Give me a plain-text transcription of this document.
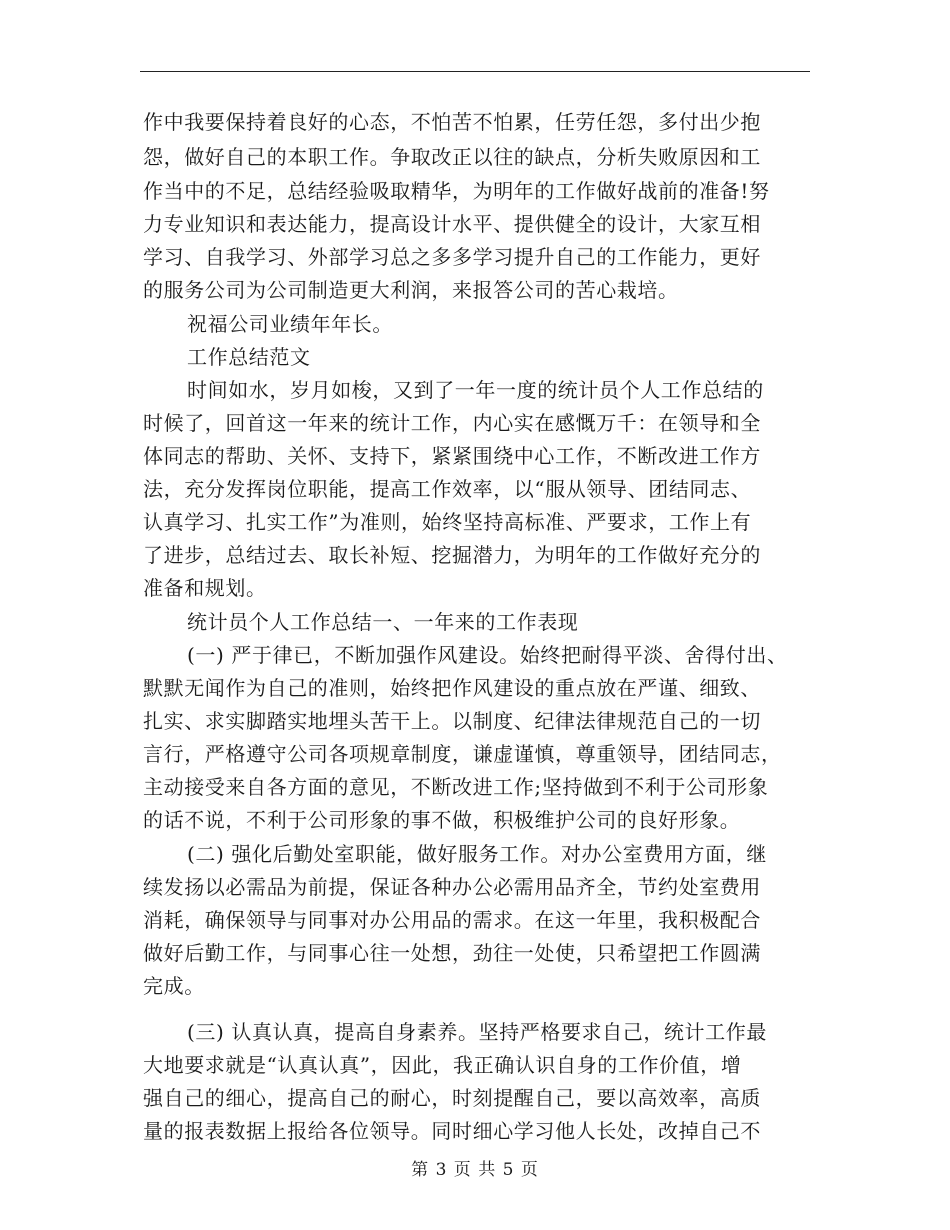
作中我要保持着良好的心态，不怕苦不怕累，任劳任怨，多付出少抱
怨，做好自己的本职工作。争取改正以往的缺点，分析失败原因和工
作当中的不足，总结经验吸取精华，为明年的工作做好战前的准备!努
力专业知识和表达能力，提高设计水平、提供健全的设计，大家互相
学习、自我学习、外部学习总之多多学习提升自己的工作能力，更好
的服务公司为公司制造更大利润，来报答公司的苦心栽培。
祝福公司业绩年年长。
工作总结范文
时间如水，岁月如梭，又到了一年一度的统计员个人工作总结的
时候了，回首这一年来的统计工作，内心实在感慨万千：在领导和全
体同志的帮助、关怀、支持下，紧紧围绕中心工作，不断改进工作方
法，充分发挥岗位职能，提高工作效率，以“服从领导、团结同志、
认真学习、扎实工作”为准则，始终坚持高标准、严要求，工作上有
了进步，总结过去、取长补短、挖掘潜力，为明年的工作做好充分的
准备和规划。
统计员个人工作总结一、一年来的工作表现
(一) 严于律已，不断加强作风建设。始终把耐得平淡、舍得付出、
默默无闻作为自己的准则，始终把作风建设的重点放在严谨、细致、
扎实、求实脚踏实地埋头苦干上。以制度、纪律法律规范自己的一切
言行，严格遵守公司各项规章制度，谦虚谨慎，尊重领导，团结同志，
主动接受来自各方面的意见，不断改进工作;坚持做到不利于公司形象
的话不说，不利于公司形象的事不做，积极维护公司的良好形象。
(二) 强化后勤处室职能，做好服务工作。对办公室费用方面，继
续发扬以必需品为前提，保证各种办公必需用品齐全，节约处室费用
消耗，确保领导与同事对办公用品的需求。在这一年里，我积极配合
做好后勤工作，与同事心往一处想，劲往一处使，只希望把工作圆满
完成。
(三) 认真认真，提高自身素养。坚持严格要求自己，统计工作最
大地要求就是“认真认真”，因此，我正确认识自身的工作价值，增
强自己的细心，提高自己的耐心，时刻提醒自己，要以高效率，高质
量的报表数据上报给各位领导。同时细心学习他人长处，改掉自己不
第 3 页 共 5 页
